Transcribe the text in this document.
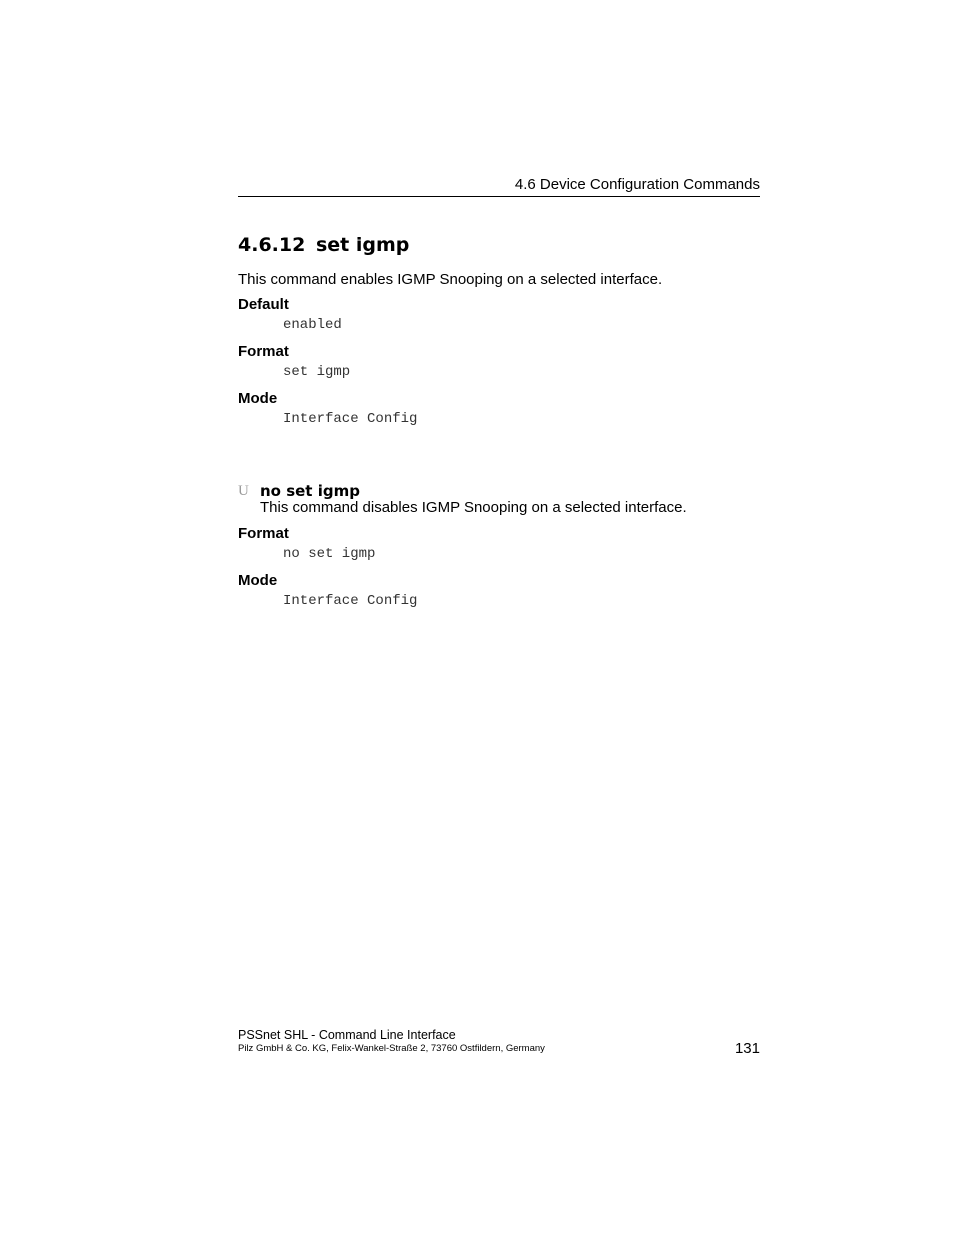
4.6 Device Configuration Commands
4.6.12 set igmp
This command enables IGMP Snooping on a selected interface.
Default
enabled
Format
set igmp
Mode
Interface Config
U no set igmp
This command disables IGMP Snooping on a selected interface.
Format
no set igmp
Mode
Interface Config
PSSnet SHL - Command Line Interface
Pilz GmbH & Co. KG, Felix-Wankel-Straße 2, 73760 Ostfildern, Germany	131
